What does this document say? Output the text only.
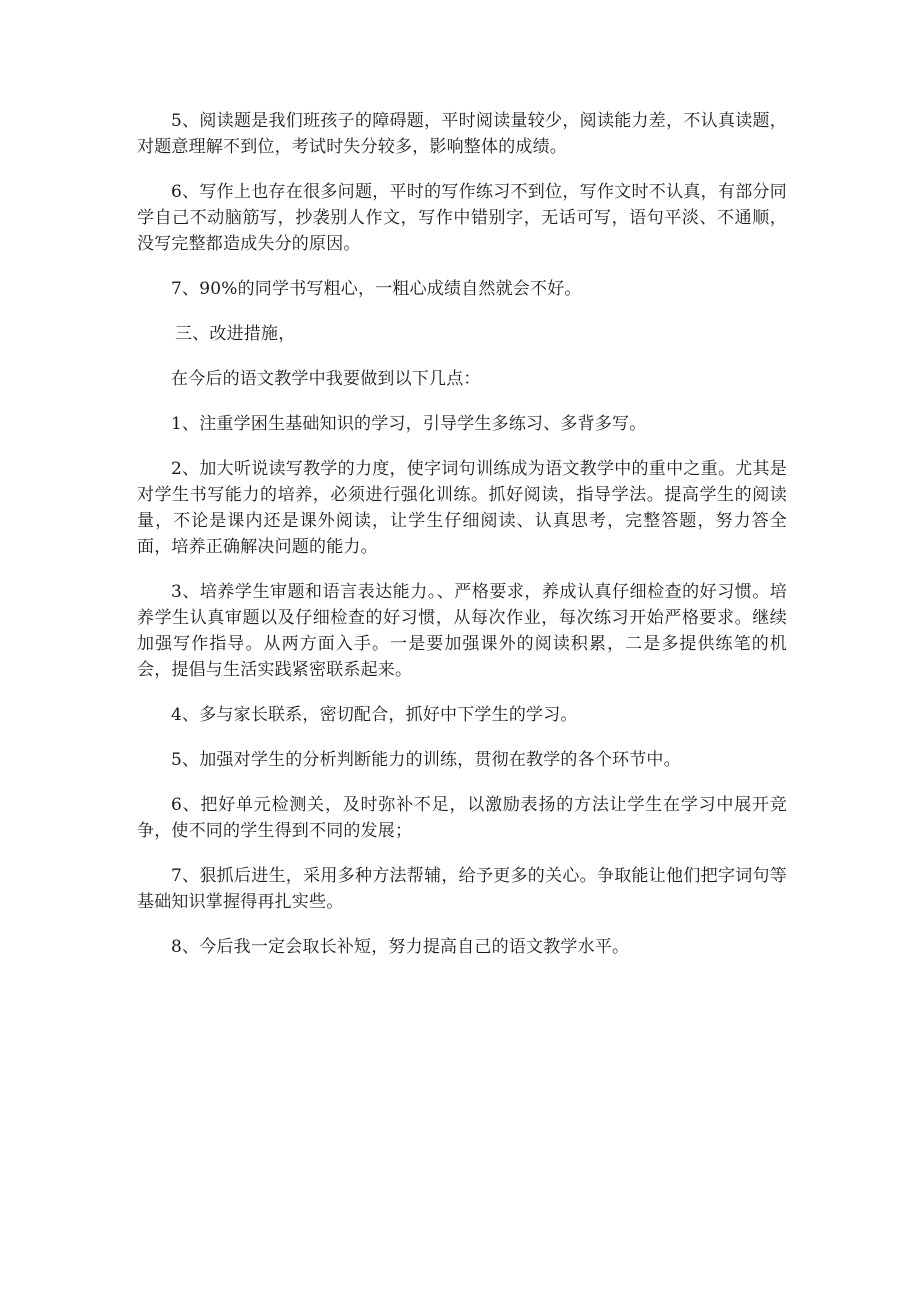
5、阅读题是我们班孩子的障碍题，平时阅读量较少，阅读能力差，不认真读题，对题意理解不到位，考试时失分较多，影响整体的成绩。

6、写作上也存在很多问题，平时的写作练习不到位，写作文时不认真，有部分同学自己不动脑筋写，抄袭别人作文，写作中错别字，无话可写，语句平淡、不通顺，没写完整都造成失分的原因。

7、90%的同学书写粗心，一粗心成绩自然就会不好。

三、改进措施，

在今后的语文教学中我要做到以下几点：

1、注重学困生基础知识的学习，引导学生多练习、多背多写。

2、加大听说读写教学的力度，使字词句训练成为语文教学中的重中之重。尤其是对学生书写能力的培养，必须进行强化训练。抓好阅读，指导学法。提高学生的阅读量，不论是课内还是课外阅读，让学生仔细阅读、认真思考，完整答题，努力答全面，培养正确解决问题的能力。

3、培养学生审题和语言表达能力。、严格要求，养成认真仔细检查的好习惯。培养学生认真审题以及仔细检查的好习惯，从每次作业，每次练习开始严格要求。继续加强写作指导。从两方面入手。一是要加强课外的阅读积累，二是多提供练笔的机会，提倡与生活实践紧密联系起来。

4、多与家长联系，密切配合，抓好中下学生的学习。

5、加强对学生的分析判断能力的训练，贯彻在教学的各个环节中。

6、把好单元检测关，及时弥补不足，以激励表扬的方法让学生在学习中展开竞争，使不同的学生得到不同的发展；

7、狠抓后进生，采用多种方法帮辅，给予更多的关心。争取能让他们把字词句等基础知识掌握得再扎实些。

8、今后我一定会取长补短，努力提高自己的语文教学水平。
